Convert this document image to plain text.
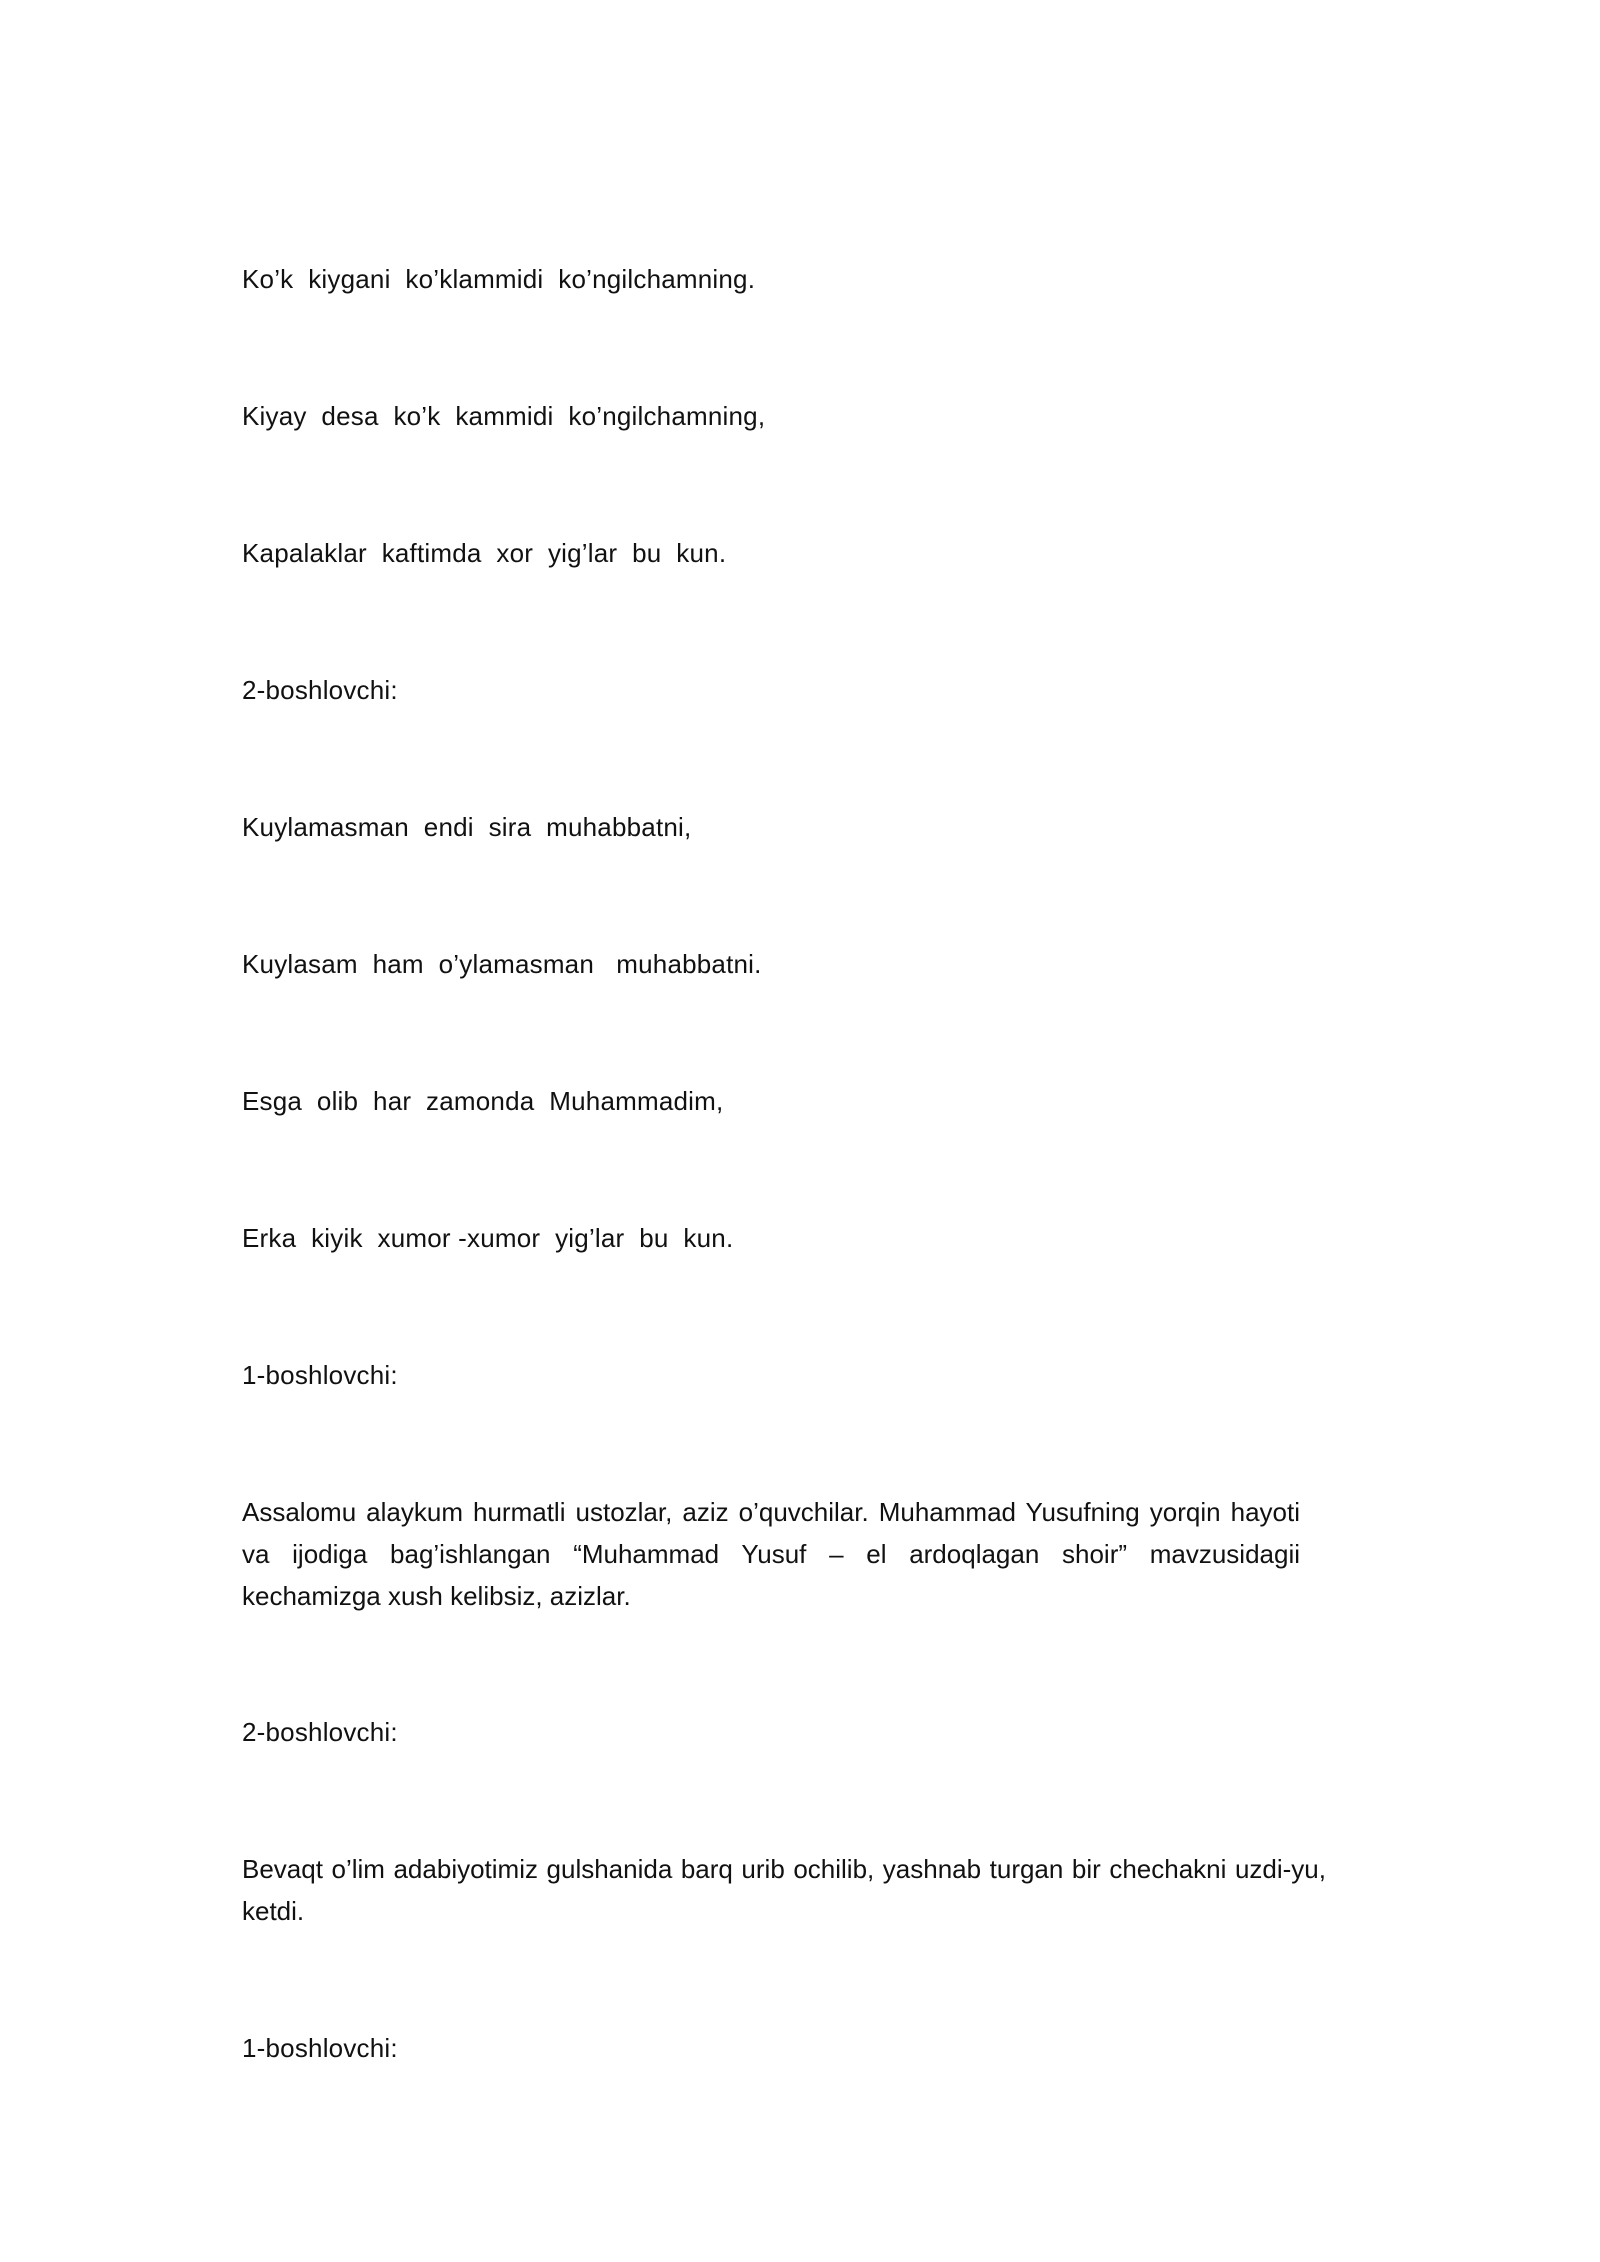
Ko’k  kiygani  ko’klammidi  ko’ngilchamning.
Kiyay  desa  ko’k  kammidi  ko’ngilchamning,
Kapalaklar  kaftimda  xor  yig’lar  bu  kun.
2-boshlovchi:
Kuylamasman  endi  sira  muhabbatni,
Kuylasam  ham  o’ylamasman   muhabbatni.
Esga  olib  har  zamonda  Muhammadim,
Erka  kiyik  xumor -xumor  yig’lar  bu  kun.
1-boshlovchi:
Assalomu alaykum hurmatli ustozlar, aziz o’quvchilar. Muhammad Yusufning yorqin hayoti va ijodiga bag’ishlangan “Muhammad Yusuf – el ardoqlagan shoir” mavzusidagii kechamizga xush kelibsiz, azizlar.
2-boshlovchi:
Bevaqt o’lim adabiyotimiz gulshanida barq urib ochilib, yashnab turgan bir chechakni uzdi-yu, ketdi.
1-boshlovchi:
